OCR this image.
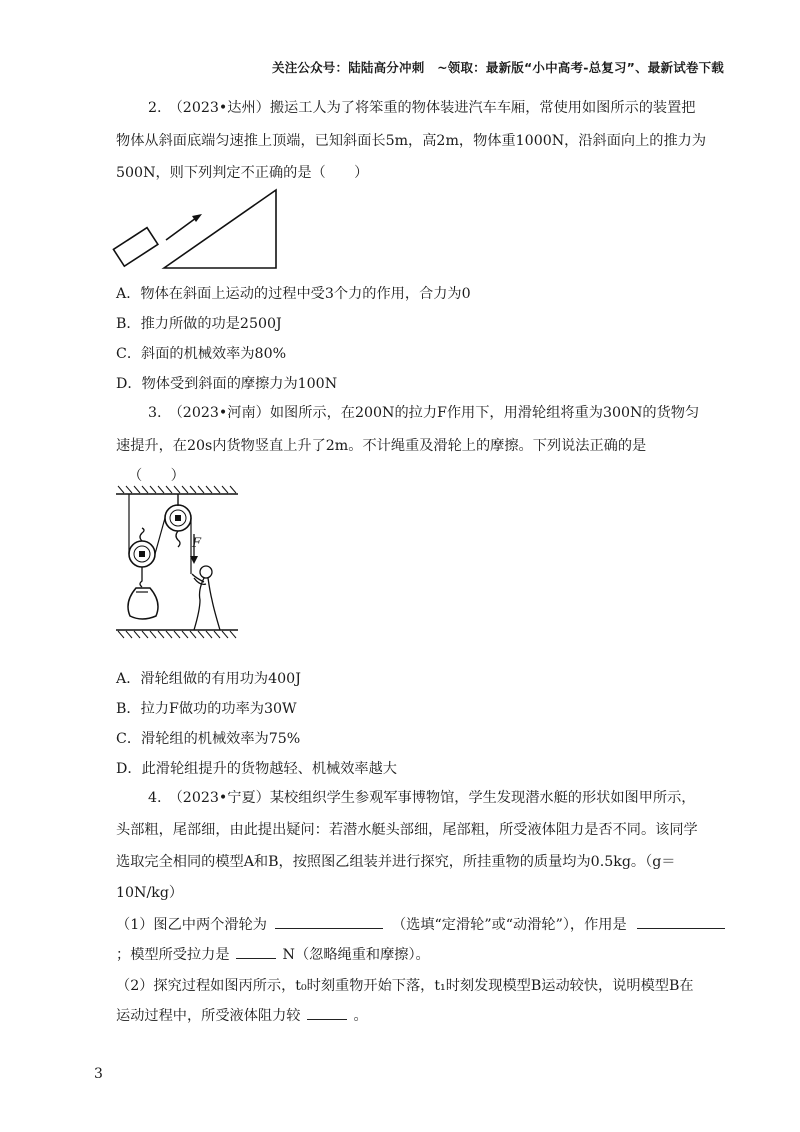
关注公众号：陆陆高分冲刺　~领取：最新版“小中高考-总复习”、最新试卷下载
2.　（2023•达州）搬运工人为了将笨重的物体装进汽车车厢，常使用如图所示的装置把
物体从斜面底端匀速推上顶端，已知斜面长5m，高2m，物体重1000N，沿斜面向上的推力为
500N，则下列判定不正确的是（　　）
A．物体在斜面上运动的过程中受3个力的作用，合力为0
B．推力所做的功是2500J
C．斜面的机械效率为80%
D．物体受到斜面的摩擦力为100N
3.　（2023•河南）如图所示，在200N的拉力F作用下，用滑轮组将重为300N的货物匀
速提升，在20s内货物竖直上升了2m。不计绳重及滑轮上的摩擦。下列说法正确的是
（　　）
F
A．滑轮组做的有用功为400J
B．拉力F做功的功率为30W
C．滑轮组的机械效率为75%
D．此滑轮组提升的货物越轻、机械效率越大
4.　（2023•宁夏）某校组织学生参观军事博物馆，学生发现潜水艇的形状如图甲所示，
头部粗，尾部细，由此提出疑问：若潜水艇头部细，尾部粗，所受液体阻力是否不同。该同学
选取完全相同的模型A和B，按照图乙组装并进行探究，所挂重物的质量均为0.5kg。（g＝
10N/kg）
（1）图乙中两个滑轮为	（选填“定滑轮”或“动滑轮”），作用是
；模型所受拉力是	N（忽略绳重和摩擦）。
（2）探究过程如图丙所示，t₀时刻重物开始下落，t₁时刻发现模型B运动较快，说明模型B在
运动过程中，所受液体阻力较	。
3
